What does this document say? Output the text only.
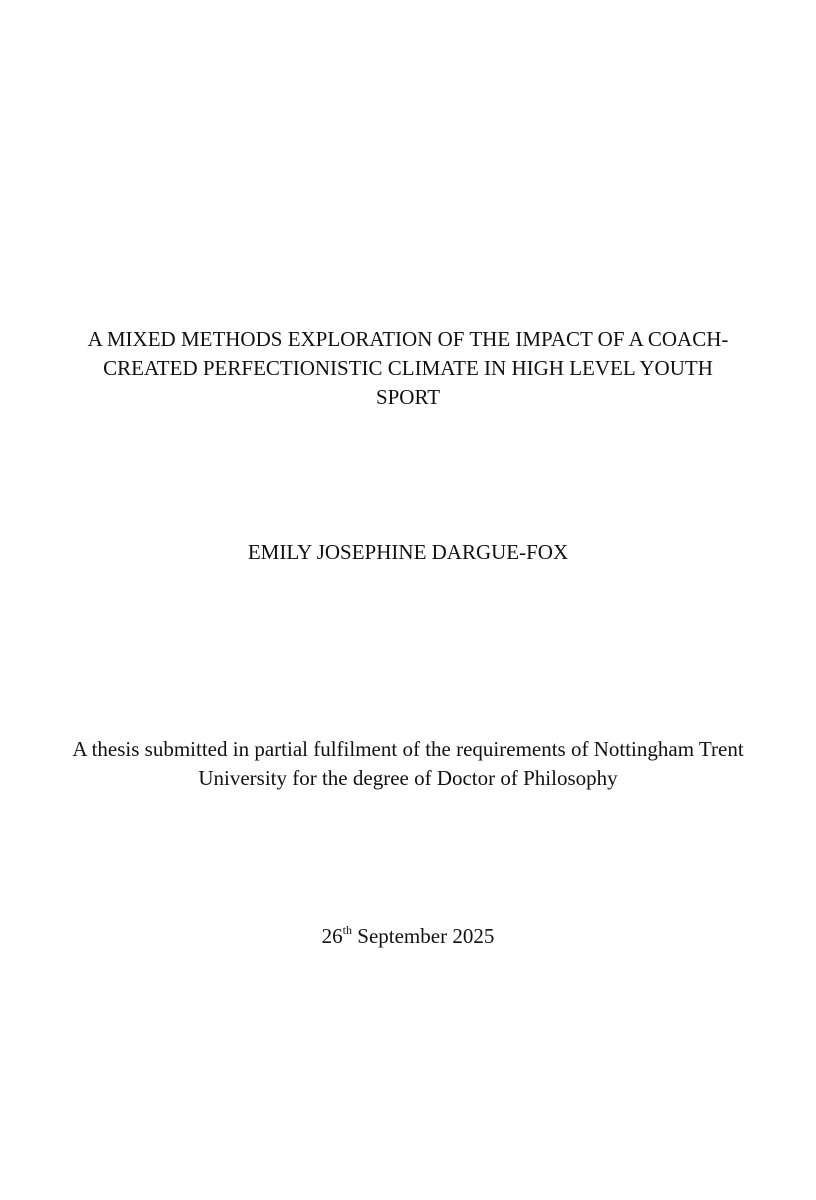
A MIXED METHODS EXPLORATION OF THE IMPACT OF A COACH-
CREATED PERFECTIONISTIC CLIMATE IN HIGH LEVEL YOUTH
SPORT
EMILY JOSEPHINE DARGUE-FOX
A thesis submitted in partial fulfilment of the requirements of Nottingham Trent
University for the degree of Doctor of Philosophy
26th September 2025
